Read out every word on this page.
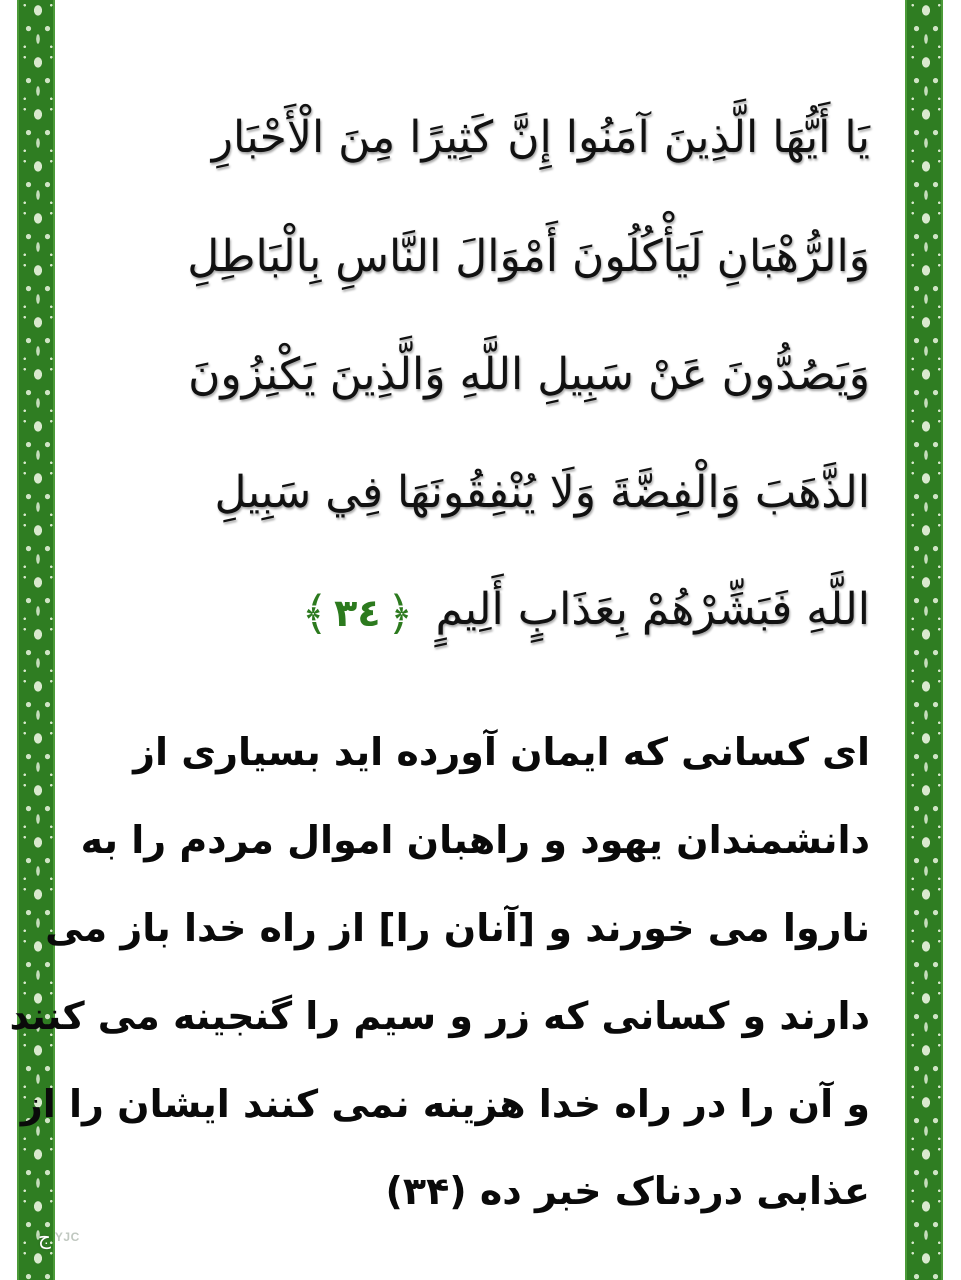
يَا أَيُّهَا الَّذِينَ آمَنُوا إِنَّ كَثِيرًا مِنَ الْأَحْبَارِ
وَالرُّهْبَانِ لَيَأْكُلُونَ أَمْوَالَ النَّاسِ بِالْبَاطِلِ
وَيَصُدُّونَ عَنْ سَبِيلِ اللَّهِ وَالَّذِينَ يَكْنِزُونَ
الذَّهَبَ وَالْفِضَّةَ وَلَا يُنْفِقُونَهَا فِي سَبِيلِ
اللَّهِ فَبَشِّرْهُمْ بِعَذَابٍ أَلِيمٍ
﴿
٣٤
﴾
ای کسانی که ایمان آورده اید بسیاری از
دانشمندان یهود و راهبان اموال مردم را به
ناروا می خورند و [آنان را] از راه خدا باز می
دارند و کسانی که زر و سیم را گنجینه می کنند
و آن را در راه خدا هزینه نمی کنند ایشان را از
عذابی دردناک خبر ده (۳۴)
ج YJC
